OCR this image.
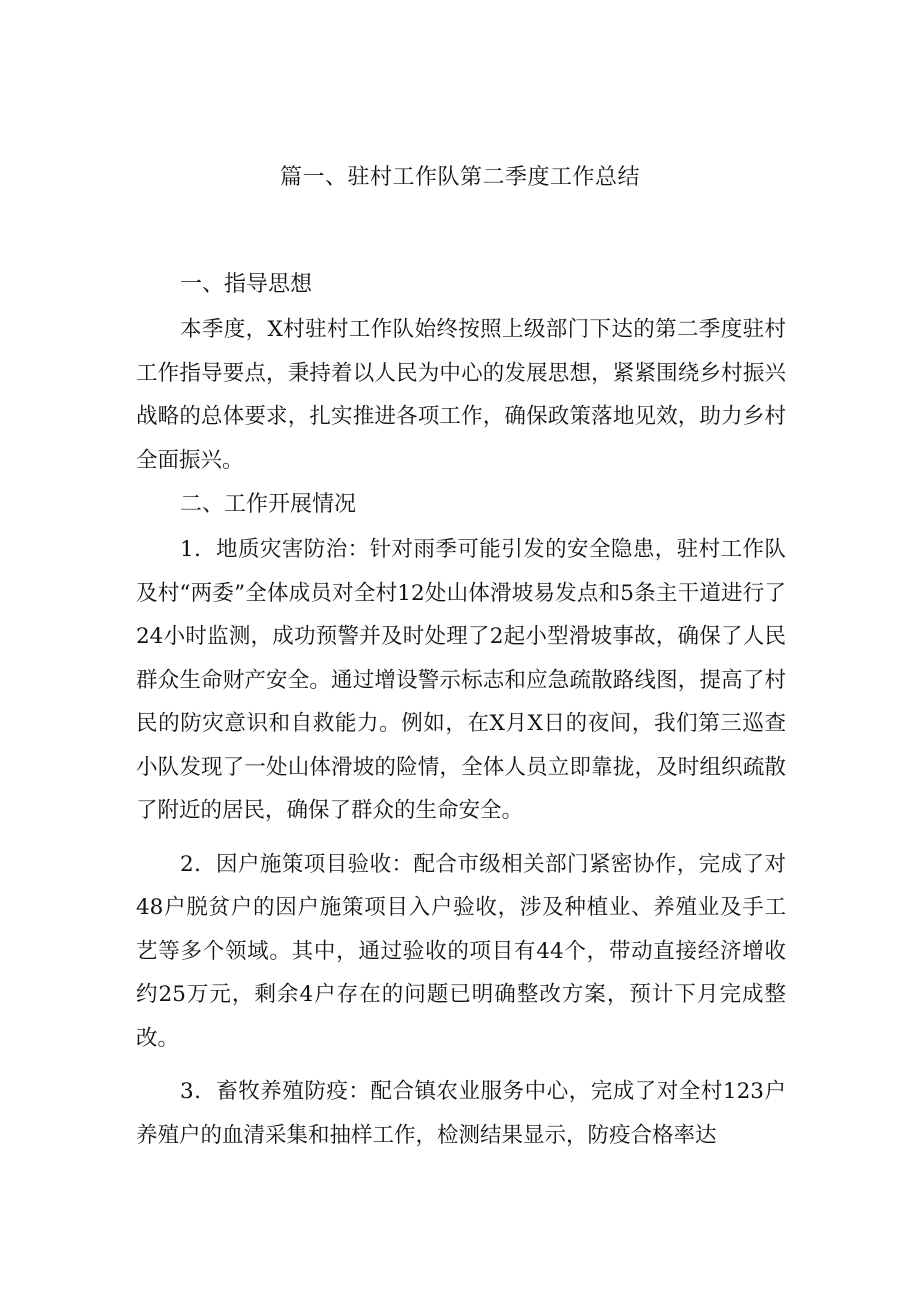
篇一、驻村工作队第二季度工作总结
一、指导思想

本季度，X村驻村工作队始终按照上级部门下达的第二季度驻村工作指导要点，秉持着以人民为中心的发展思想，紧紧围绕乡村振兴战略的总体要求，扎实推进各项工作，确保政策落地见效，助力乡村全面振兴。

二、工作开展情况

1．地质灾害防治：针对雨季可能引发的安全隐患，驻村工作队及村“两委”全体成员对全村12处山体滑坡易发点和5条主干道进行了24小时监测，成功预警并及时处理了2起小型滑坡事故，确保了人民群众生命财产安全。通过增设警示标志和应急疏散路线图，提高了村民的防灾意识和自救能力。例如，在X月X日的夜间，我们第三巡查小队发现了一处山体滑坡的险情，全体人员立即靠拢，及时组织疏散了附近的居民，确保了群众的生命安全。

2．因户施策项目验收：配合市级相关部门紧密协作，完成了对48户脱贫户的因户施策项目入户验收，涉及种植业、养殖业及手工艺等多个领域。其中，通过验收的项目有44个，带动直接经济增收约25万元，剩余4户存在的问题已明确整改方案，预计下月完成整改。

3．畜牧养殖防疫：配合镇农业服务中心，完成了对全村123户养殖户的血清采集和抽样工作，检测结果显示，防疫合格率达
